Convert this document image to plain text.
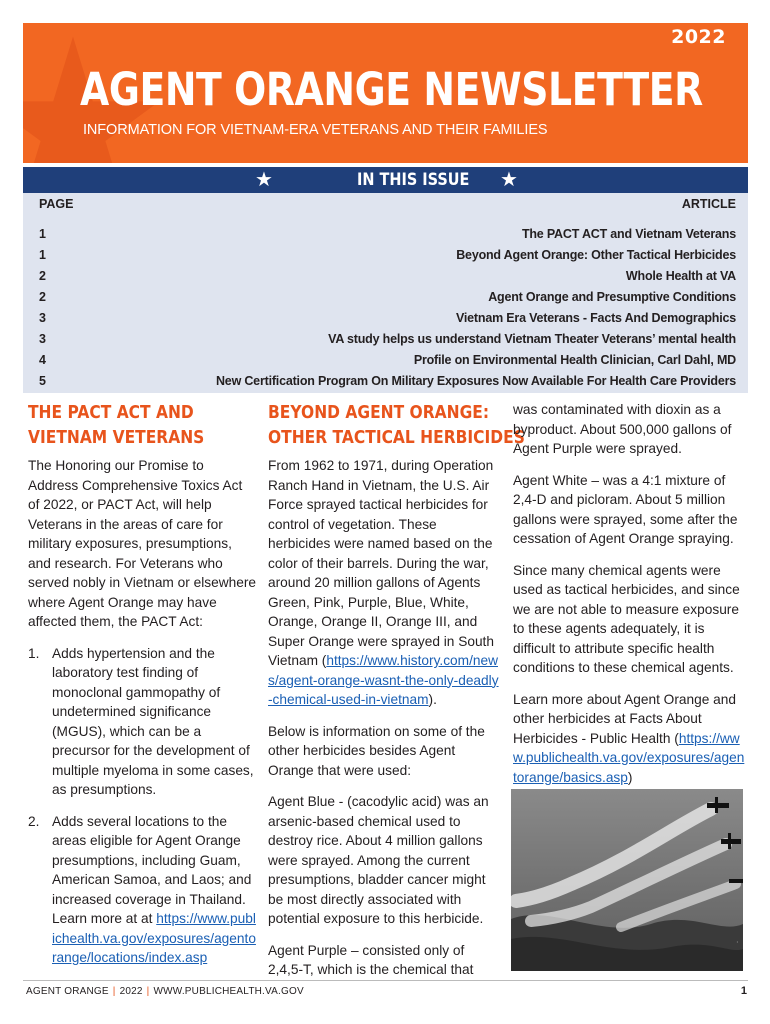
2022
AGENT ORANGE NEWSLETTER
INFORMATION FOR VIETNAM-ERA VETERANS AND THEIR FAMILIES
★	IN THIS ISSUE ★
PAGE	ARTICLE
1	The PACT ACT and Vietnam Veterans
1	Beyond Agent Orange: Other Tactical Herbicides
2	Whole Health at VA
2	Agent Orange and Presumptive Conditions
3	Vietnam Era Veterans - Facts And Demographics
3	VA study helps us understand Vietnam Theater Veterans’ mental health
4	Profile on Environmental Health Clinician, Carl Dahl, MD
5	New Certification Program On Military Exposures Now Available For Health Care Providers
THE PACT ACT AND
VIETNAM VETERANS

The Honoring our Promise to Address Comprehensive Toxics Act of 2022, or PACT Act, will help Veterans in the areas of care for military exposures, presumptions, and research. For Veterans who served nobly in Vietnam or elsewhere where Agent Orange may have affected them, the PACT Act:

1. Adds hypertension and the laboratory test finding of monoclonal gammopathy of undetermined significance (MGUS), which can be a precursor for the development of multiple myeloma in some cases, as presumptions.
2. Adds several locations to the areas eligible for Agent Orange presumptions, including Guam, American Samoa, and Laos; and increased coverage in Thailand. Learn more at at https://www.publichealth.va.gov/exposures/agentorange/locations/index.asp
BEYOND AGENT ORANGE:
OTHER TACTICAL HERBICIDES

From 1962 to 1971, during Operation Ranch Hand in Vietnam, the U.S. Air Force sprayed tactical herbicides for control of vegetation. These herbicides were named based on the color of their barrels. During the war, around 20 million gallons of Agents Green, Pink, Purple, Blue, White, Orange, Orange II, Orange III, and Super Orange were sprayed in South Vietnam (https://www.history.com/news/agent-orange-wasnt-the-only-deadly-chemical-used-in-vietnam).

Below is information on some of the other herbicides besides Agent Orange that were used:

Agent Blue - (cacodylic acid) was an arsenic-based chemical used to destroy rice. About 4 million gallons were sprayed. Among the current presumptions, bladder cancer might be most directly associated with potential exposure to this herbicide.

Agent Purple – consisted only of 2,4,5-T, which is the chemical that

was contaminated with dioxin as a byproduct. About 500,000 gallons of Agent Purple were sprayed.

Agent White – was a 4:1 mixture of 2,4-D and picloram. About 5 million gallons were sprayed, some after the cessation of Agent Orange spraying.

Since many chemical agents were used as tactical herbicides, and since we are not able to measure exposure to these agents adequately, it is difficult to attribute specific health conditions to these chemical agents.

Learn more about Agent Orange and other herbicides at Facts About Herbicides - Public Health (https://www.publichealth.va.gov/exposures/agentorange/basics.asp)

·
AGENT ORANGE | 2022 | WWW.PUBLICHEALTH.VA.GOV	1
